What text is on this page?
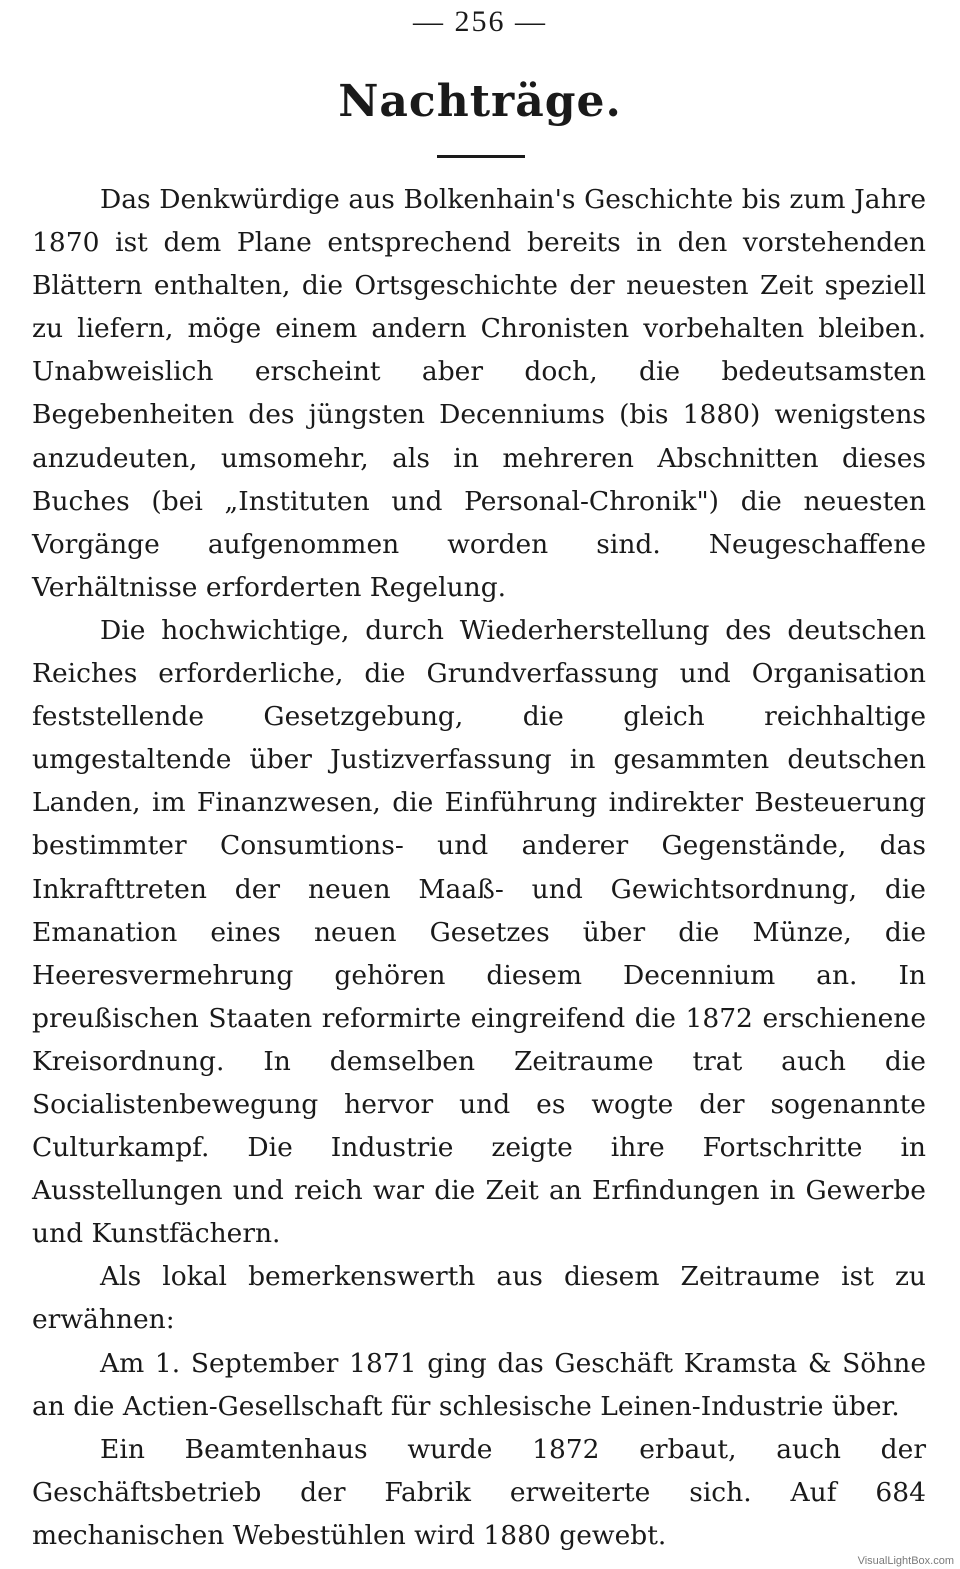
— 256 —
Nachträge.

Das Denkwürdige aus Bolkenhain's Geschichte bis zum Jahre 1870 ist dem Plane entsprechend bereits in den vorstehenden Blättern enthalten, die Ortsgeschichte der neuesten Zeit speziell zu liefern, möge einem andern Chronisten vorbehalten bleiben. Unabweislich erscheint aber doch, die bedeutsamsten Begebenheiten des jüngsten Decenniums (bis 1880) wenigstens anzudeuten, umsomehr, als in mehreren Abschnitten dieses Buches (bei „Instituten und Personal-Chronik") die neuesten Vorgänge aufgenommen worden sind. Neugeschaffene Verhältnisse erforderten Regelung.

Die hochwichtige, durch Wiederherstellung des deutschen Reiches erforderliche, die Grundverfassung und Organisation feststellende Gesetzgebung, die gleich reichhaltige umgestaltende über Justizverfassung in gesammten deutschen Landen, im Finanzwesen, die Einführung indirekter Besteuerung bestimmter Consumtions- und anderer Gegenstände, das Inkrafttreten der neuen Maaß- und Gewichtsordnung, die Emanation eines neuen Gesetzes über die Münze, die Heeresvermehrung gehören diesem Decennium an. In preußischen Staaten reformirte eingreifend die 1872 erschienene Kreisordnung. In demselben Zeitraume trat auch die Socialistenbewegung hervor und es wogte der sogenannte Culturkampf. Die Industrie zeigte ihre Fortschritte in Ausstellungen und reich war die Zeit an Erfindungen in Gewerbe und Kunstfächern.

Als lokal bemerkenswerth aus diesem Zeitraume ist zu erwähnen:

Am 1. September 1871 ging das Geschäft Kramsta & Söhne an die Actien-Gesellschaft für schlesische Leinen-Industrie über.

Ein Beamtenhaus wurde 1872 erbaut, auch der Geschäftsbetrieb der Fabrik erweiterte sich. Auf 684 mechanischen Webestühlen wird 1880 gewebt.

VisualLightBox.com
